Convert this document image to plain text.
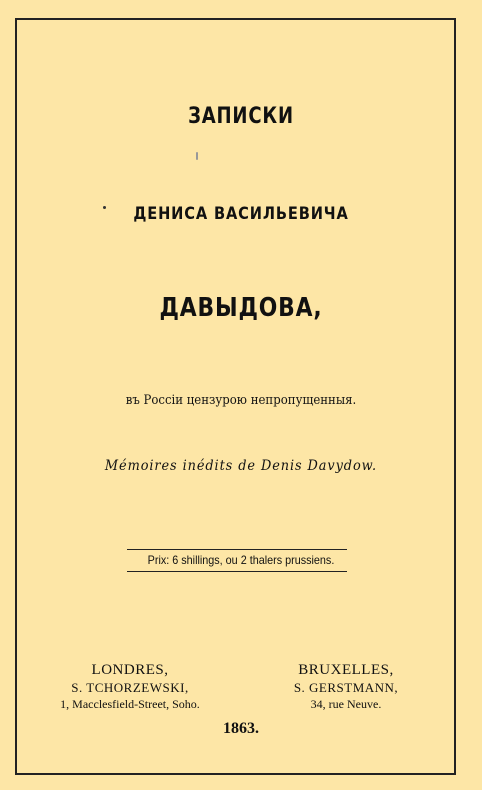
ЗАПИСКИ
ДЕНИСА ВАСИЛЬЕВИЧА
ДАВЫДОВА,
въ Россіи цензурою непропущенныя.
Mémoires inédits de Denis Davydow.
Prix: 6 shillings, ou 2 thalers prussiens.
LONDRES,
S. TCHORZEWSKI,
1, Macclesfield-Street, Soho.
BRUXELLES,
S. GERSTMANN,
34, rue Neuve.
1863.
